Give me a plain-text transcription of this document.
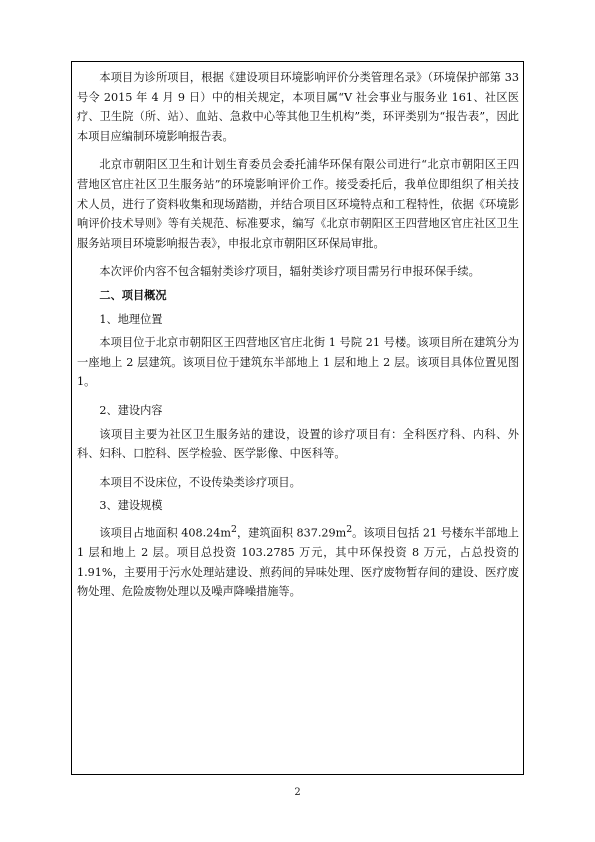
本项目为诊所项目，根据《建设项目环境影响评价分类管理名录》（环境保护部第 33 号令 2015 年 4 月 9 日）中的相关规定，本项目属“V 社会事业与服务业 161、社区医疗、卫生院（所、站）、血站、急救中心等其他卫生机构”类，环评类别为“报告表”，因此本项目应编制环境影响报告表。

北京市朝阳区卫生和计划生育委员会委托浦华环保有限公司进行“北京市朝阳区王四营地区官庄社区卫生服务站”的环境影响评价工作。接受委托后，我单位即组织了相关技术人员，进行了资料收集和现场踏勘，并结合项目区环境特点和工程特性，依据《环境影响评价技术导则》等有关规范、标准要求，编写《北京市朝阳区王四营地区官庄社区卫生服务站项目环境影响报告表》，申报北京市朝阳区环保局审批。

本次评价内容不包含辐射类诊疗项目，辐射类诊疗项目需另行申报环保手续。

二、项目概况

1、地理位置

本项目位于北京市朝阳区王四营地区官庄北街 1 号院 21 号楼。该项目所在建筑分为一座地上 2 层建筑。该项目位于建筑东半部地上 1 层和地上 2 层。该项目具体位置见图 1。

2、建设内容

该项目主要为社区卫生服务站的建设，设置的诊疗项目有：全科医疗科、内科、外科、妇科、口腔科、医学检验、医学影像、中医科等。

本项目不设床位，不设传染类诊疗项目。

3、建设规模

该项目占地面积 $408.24m^2$，建筑面积 $837.29m^2$。该项目包括 21 号楼东半部地上 1 层和地上 2 层。项目总投资 103.2785 万元，其中环保投资 8 万元，占总投资的 1.91%，主要用于污水处理站建设、煎药间的异味处理、医疗废物暂存间的建设、医疗废物处理、危险废物处理以及噪声降噪措施等。

2
